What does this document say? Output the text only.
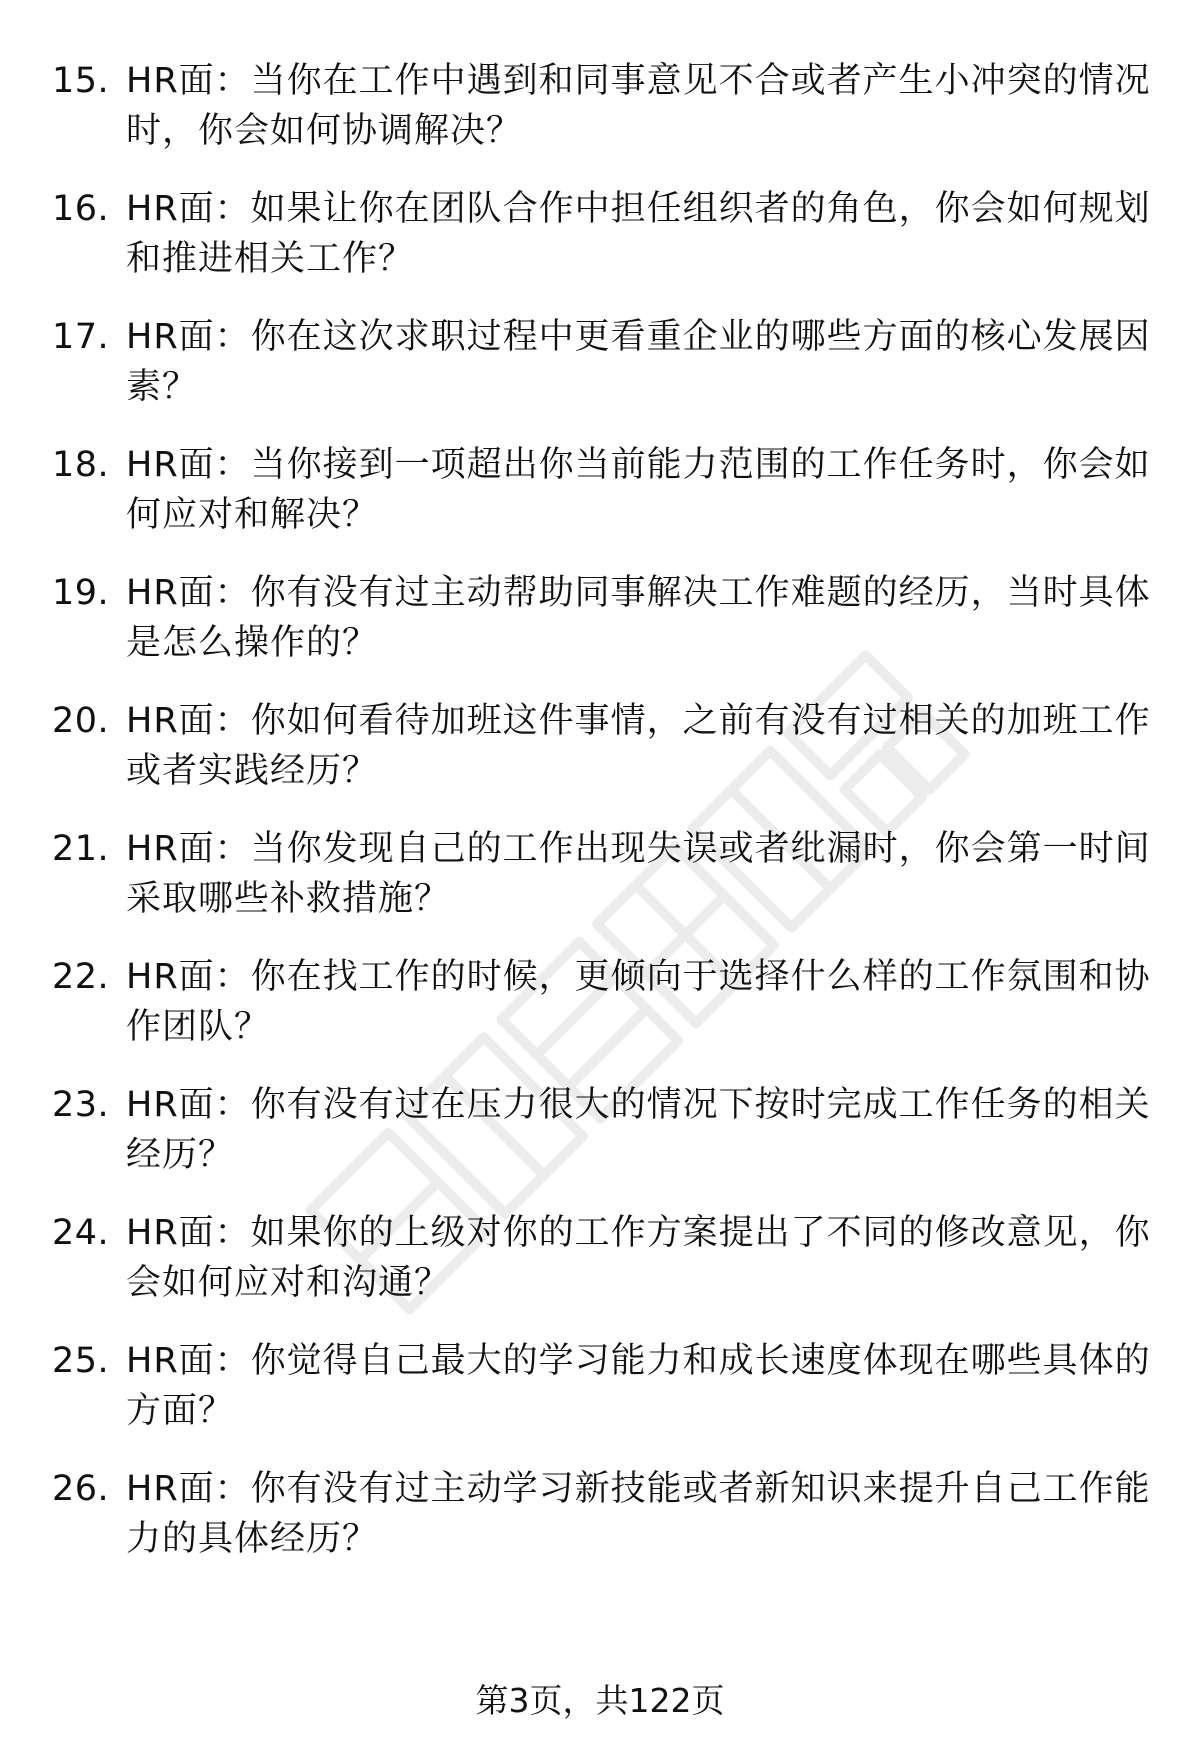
15. HR面：当你在工作中遇到和同事意见不合或者产生小冲突的情况时，你会如何协调解决？
16. HR面：如果让你在团队合作中担任组织者的角色，你会如何规划和推进相关工作？
17. HR面：你在这次求职过程中更看重企业的哪些方面的核心发展因素？
18. HR面：当你接到一项超出你当前能力范围的工作任务时，你会如何应对和解决？
19. HR面：你有没有过主动帮助同事解决工作难题的经历，当时具体是怎么操作的？
20. HR面：你如何看待加班这件事情，之前有没有过相关的加班工作或者实践经历？
21. HR面：当你发现自己的工作出现失误或者纰漏时，你会第一时间采取哪些补救措施？
22. HR面：你在找工作的时候，更倾向于选择什么样的工作氛围和协作团队？
23. HR面：你有没有过在压力很大的情况下按时完成工作任务的相关经历？
24. HR面：如果你的上级对你的工作方案提出了不同的修改意见，你会如何应对和沟通？
25. HR面：你觉得自己最大的学习能力和成长速度体现在哪些具体的方面？
26. HR面：你有没有过主动学习新技能或者新知识来提升自己工作能力的具体经历？
第3页，共122页
